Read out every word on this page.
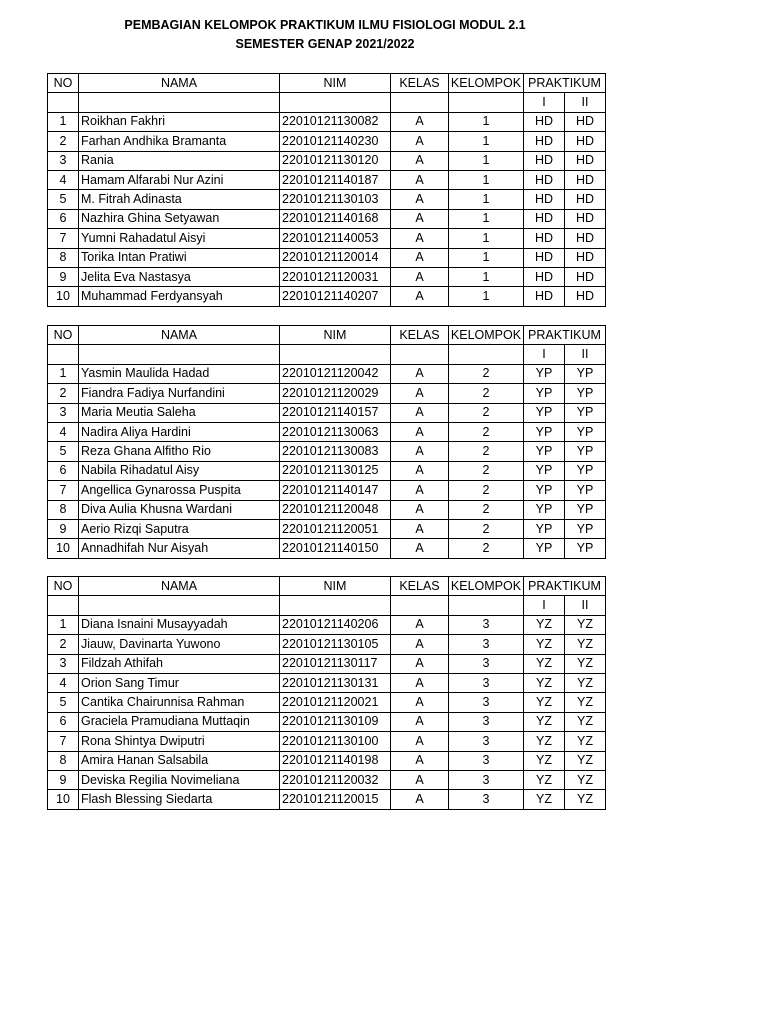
PEMBAGIAN KELOMPOK PRAKTIKUM ILMU FISIOLOGI MODUL 2.1
SEMESTER GENAP 2021/2022
NO	NAMA	NIM	KELAS	KELOMPOK	PRAKTIKUM	
					I	II
1	Roikhan Fakhri	22010121130082	A	1	HD	HD
2	Farhan Andhika Bramanta	22010121140230	A	1	HD	HD
3	Rania	22010121130120	A	1	HD	HD
4	Hamam Alfarabi Nur Azini	22010121140187	A	1	HD	HD
5	M. Fitrah Adinasta	22010121130103	A	1	HD	HD
6	Nazhira Ghina Setyawan	22010121140168	A	1	HD	HD
7	Yumni Rahadatul Aisyi	22010121140053	A	1	HD	HD
8	Torika Intan Pratiwi	22010121120014	A	1	HD	HD
9	Jelita Eva Nastasya	22010121120031	A	1	HD	HD
10	Muhammad Ferdyansyah	22010121140207	A	1	HD	HD
NO	NAMA	NIM	KELAS	KELOMPOK	PRAKTIKUM	
					I	II
1	Yasmin Maulida Hadad	22010121120042	A	2	YP	YP
2	Fiandra Fadiya Nurfandini	22010121120029	A	2	YP	YP
3	Maria Meutia Saleha	22010121140157	A	2	YP	YP
4	Nadira Aliya Hardini	22010121130063	A	2	YP	YP
5	Reza Ghana Alfitho Rio	22010121130083	A	2	YP	YP
6	Nabila Rihadatul Aisy	22010121130125	A	2	YP	YP
7	Angellica Gynarossa Puspita	22010121140147	A	2	YP	YP
8	Diva Aulia Khusna Wardani	22010121120048	A	2	YP	YP
9	Aerio Rizqi Saputra	22010121120051	A	2	YP	YP
10	Annadhifah Nur Aisyah	22010121140150	A	2	YP	YP
NO	NAMA	NIM	KELAS	KELOMPOK	PRAKTIKUM	
					I	II
1	Diana Isnaini Musayyadah	22010121140206	A	3	YZ	YZ
2	Jiauw, Davinarta Yuwono	22010121130105	A	3	YZ	YZ
3	Fildzah Athifah	22010121130117	A	3	YZ	YZ
4	Orion Sang Timur	22010121130131	A	3	YZ	YZ
5	Cantika Chairunnisa Rahman	22010121120021	A	3	YZ	YZ
6	Graciela Pramudiana Muttaqin	22010121130109	A	3	YZ	YZ
7	Rona Shintya Dwiputri	22010121130100	A	3	YZ	YZ
8	Amira Hanan Salsabila	22010121140198	A	3	YZ	YZ
9	Deviska Regilia Novimeliana	22010121120032	A	3	YZ	YZ
10	Flash Blessing Siedarta	22010121120015	A	3	YZ	YZ
